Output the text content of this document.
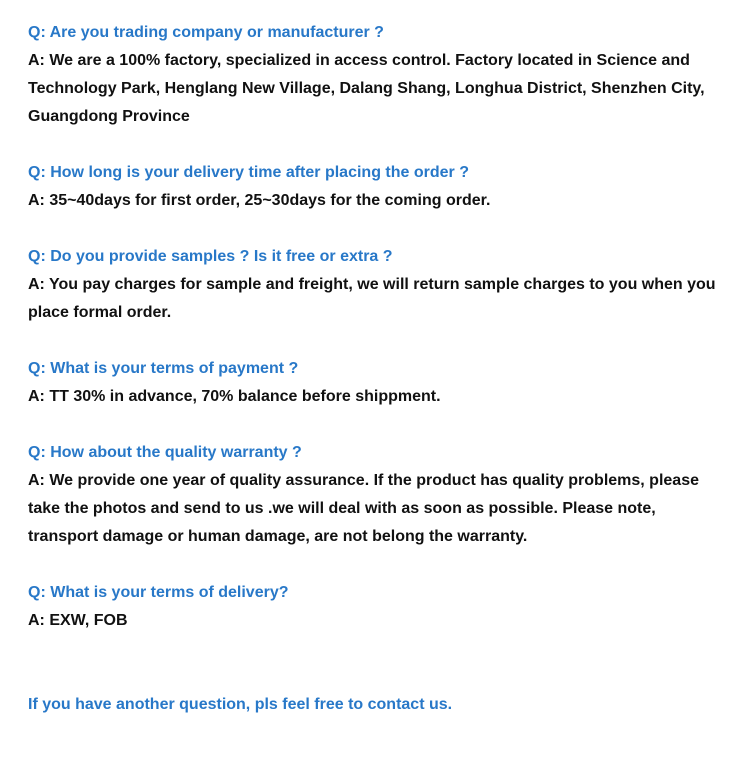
Q: Are you trading company or manufacturer ?

A: We are a 100% factory, specialized in access control. Factory located in Science and Technology Park, Henglang New Village, Dalang Shang, Longhua District, Shenzhen City, Guangdong Province

Q: How long is your delivery time after placing the order ?

A: 35~40days for first order, 25~30days for the coming order.

Q: Do you provide samples ? Is it free or extra ?

A: You pay charges for sample and freight, we will return sample charges to you when you place formal order.

Q: What is your terms of payment ?

A: TT 30% in advance, 70% balance before shippment.

Q: How about the quality warranty ?

A: We provide one year of quality assurance. If the product has quality problems, please take the photos and send to us .we will deal with as soon as possible. Please note, transport damage or human damage, are not belong the warranty.

Q: What is your terms of delivery?

A: EXW, FOB

If you have another question, pls feel free to contact us.
